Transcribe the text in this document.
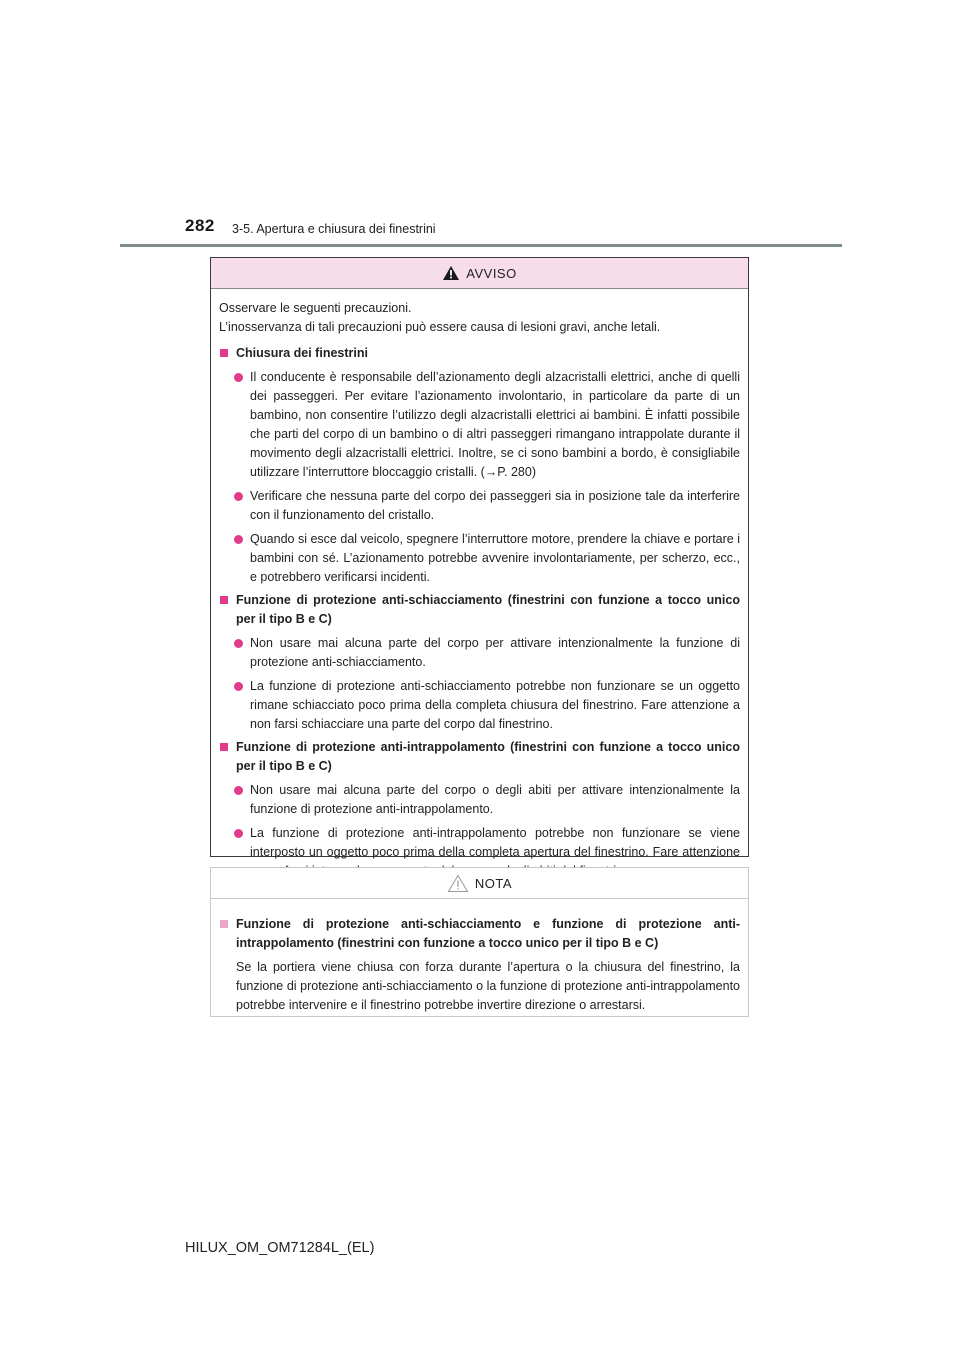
282 3-5. Apertura e chiusura dei finestrini
AVVISO

Osservare le seguenti precauzioni.

L’inosservanza di tali precauzioni può essere causa di lesioni gravi, anche letali.

Chiusura dei finestrini
Il conducente è responsabile dell’azionamento degli alzacristalli elettrici, anche di quelli dei passeggeri. Per evitare l’azionamento involontario, in particolare da parte di un bambino, non consentire l’utilizzo degli alzacristalli elettrici ai bambini. È infatti possibile che parti del corpo di un bambino o di altri passeggeri rimangano intrappolate durante il movimento degli alzacristalli elettrici. Inoltre, se ci sono bambini a bordo, è consigliabile utilizzare l’interruttore bloccaggio cristalli. (→P. 280)
Verificare che nessuna parte del corpo dei passeggeri sia in posizione tale da interferire con il funzionamento del cristallo.
Quando si esce dal veicolo, spegnere l’interruttore motore, prendere la chiave e portare i bambini con sé. L’azionamento potrebbe avvenire involontariamente, per scherzo, ecc., e potrebbero verificarsi incidenti.
Funzione di protezione anti-schiacciamento (finestrini con funzione a tocco unico per il tipo B e C)
Non usare mai alcuna parte del corpo per attivare intenzionalmente la funzione di protezione anti-schiacciamento.
La funzione di protezione anti-schiacciamento potrebbe non funzionare se un oggetto rimane schiacciato poco prima della completa chiusura del finestrino. Fare attenzione a non farsi schiacciare una parte del corpo dal finestrino.
Funzione di protezione anti-intrappolamento (finestrini con funzione a tocco unico per il tipo B e C)
Non usare mai alcuna parte del corpo o degli abiti per attivare intenzionalmente la funzione di protezione anti-intrappolamento.
La funzione di protezione anti-intrappolamento potrebbe non funzionare se viene interposto un oggetto poco prima della completa apertura del finestrino. Fare attenzione
NOTA
Funzione di protezione anti-schiacciamento e funzione di protezione anti-intrappolamento (finestrini con funzione a tocco unico per il tipo B e C)
Se la portiera viene chiusa con forza durante l’apertura o la chiusura del finestrino, la funzione di protezione anti-schiacciamento o la funzione di protezione anti-intrappolamento potrebbe intervenire e il finestrino potrebbe invertire direzione o arrestarsi.
HILUX_OM_OM71284L_(EL)
